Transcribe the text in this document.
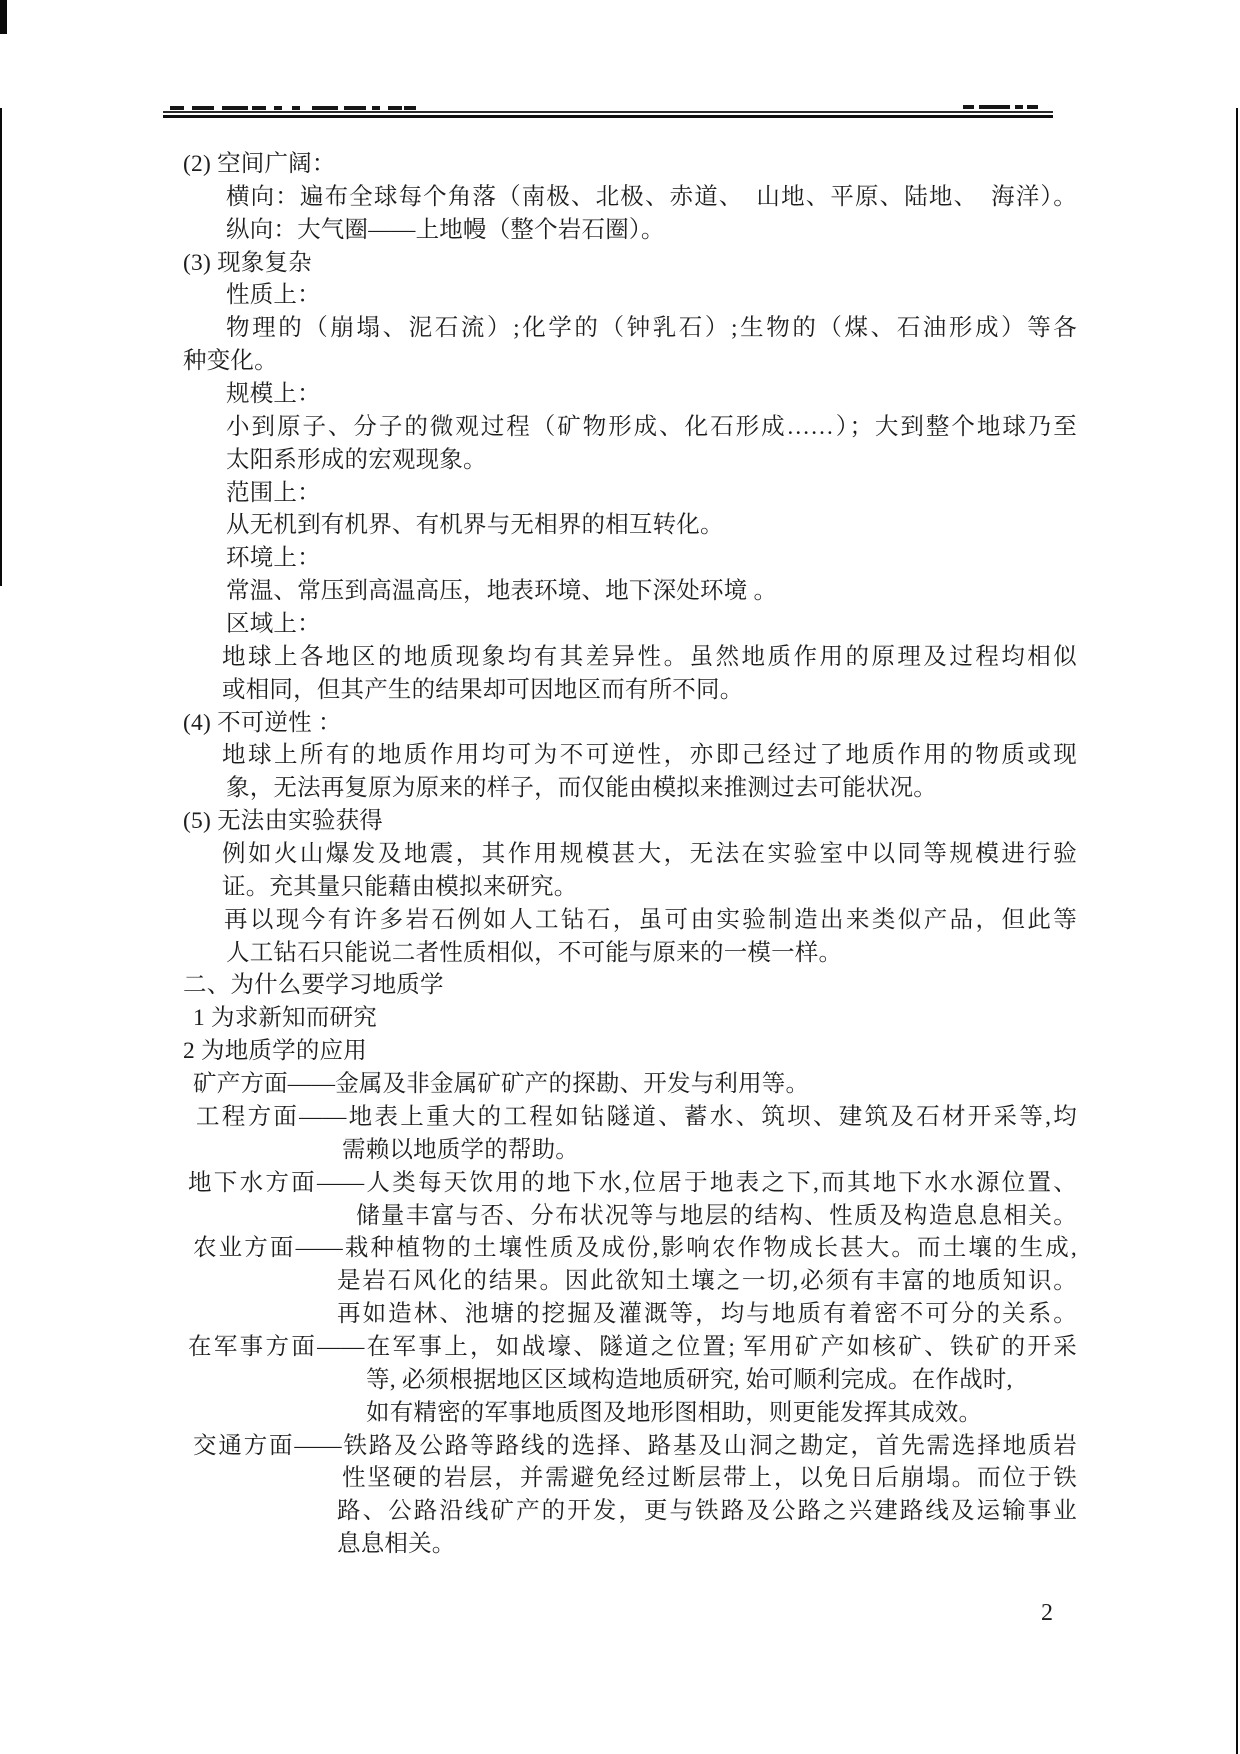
(2) 空间广阔：
横向：遍布全球每个角落（南极、北极、赤道、　山地、平原、陆地、　海洋）。
纵向：大气圈——上地幔（整个岩石圈）。
(3) 现象复杂
性质上：
物理的（崩塌、泥石流）;化学的（钟乳石）;生物的（煤、石油形成）等各
种变化。
规模上：
小到原子、分子的微观过程（矿物形成、化石形成……）；大到整个地球乃至
太阳系形成的宏观现象。
范围上：
从无机到有机界、有机界与无相界的相互转化。
环境上：
常温、常压到高温高压，地表环境、地下深处环境 。
区域上：
地球上各地区的地质现象均有其差异性。虽然地质作用的原理及过程均相似
或相同，但其产生的结果却可因地区而有所不同。
(4) 不可逆性 ：
地球上所有的地质作用均可为不可逆性，亦即己经过了地质作用的物质或现
象，无法再复原为原来的样子，而仅能由模拟来推测过去可能状况。
(5) 无法由实验获得
例如火山爆发及地震，其作用规模甚大，无法在实验室中以同等规模进行验
证。充其量只能藉由模拟来研究。
再以现今有许多岩石例如人工钻石，虽可由实验制造出来类似产品，但此等
人工钻石只能说二者性质相似，不可能与原来的一模一样。
二、为什么要学习地质学
1 为求新知而研究
2 为地质学的应用
矿产方面——金属及非金属矿矿产的探勘、开发与利用等。
工程方面——地表上重大的工程如钻隧道、蓄水、筑坝、建筑及石材开采等,均
需赖以地质学的帮助。
地下水方面——人类每天饮用的地下水,位居于地表之下,而其地下水水源位置、
储量丰富与否、分布状况等与地层的结构、性质及构造息息相关。
农业方面——栽种植物的土壤性质及成份,影响农作物成长甚大。而土壤的生成,
是岩石风化的结果。因此欲知土壤之一切,必须有丰富的地质知识。
再如造林、池塘的挖掘及灌溉等，均与地质有着密不可分的关系。
在军事方面——在军事上，如战壕、隧道之位置; 军用矿产如核矿、铁矿的开采
等, 必须根据地区区域构造地质研究, 始可顺利完成。在作战时,
如有精密的军事地质图及地形图相助，则更能发挥其成效。
交通方面——铁路及公路等路线的选择、路基及山洞之勘定，首先需选择地质岩
性坚硬的岩层，并需避免经过断层带上，以免日后崩塌。而位于铁
路、公路沿线矿产的开发，更与铁路及公路之兴建路线及运输事业
息息相关。
2
